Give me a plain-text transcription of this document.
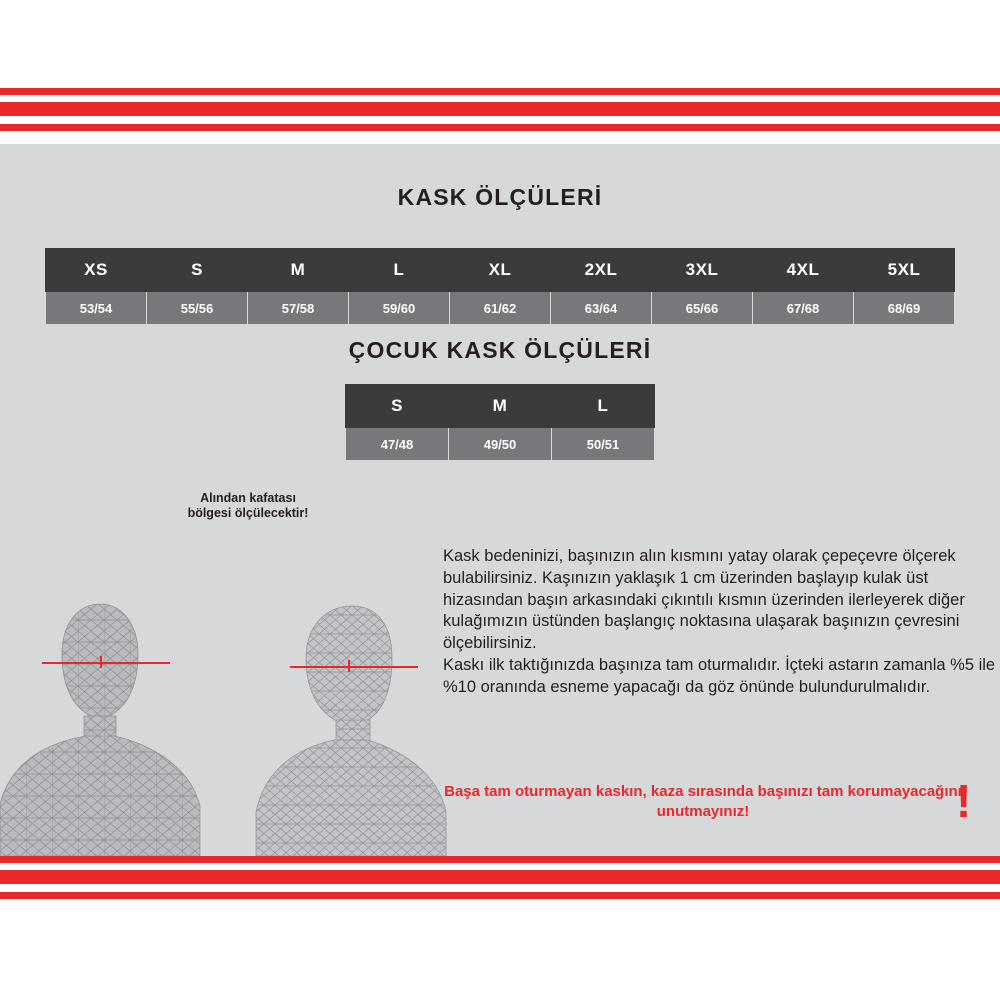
KASK ÖLÇÜLERİ
XS	S	M	L	XL	2XL	3XL	4XL	5XL
53/54	55/56	57/58	59/60	61/62	63/64	65/66	67/68	68/69
ÇOCUK KASK ÖLÇÜLERİ
S	M	L
47/48	49/50	50/51
Alından kafatası bölgesi ölçülecektir!

Kask bedeninizi, başınızın alın kısmını yatay olarak çepeçevre ölçerek bulabilirsiniz. Kaşınızın yaklaşık 1 cm üzerinden başlayıp kulak üst hizasından başın arkasındaki çıkıntılı kısmın üzerinden ilerleyerek diğer kulağımızın üstünden başlangıç noktasına ulaşarak başınızın çevresini ölçebilirsiniz.

Kaskı ilk taktığınızda başınıza tam oturmalıdır. İçteki astarın zamanla %5 ile %10 oranında esneme yapacağı da göz önünde bulundurulmalıdır.

Başa tam oturmayan kaskın, kaza sırasında başınızı tam korumayacağını unutmayınız!	!
